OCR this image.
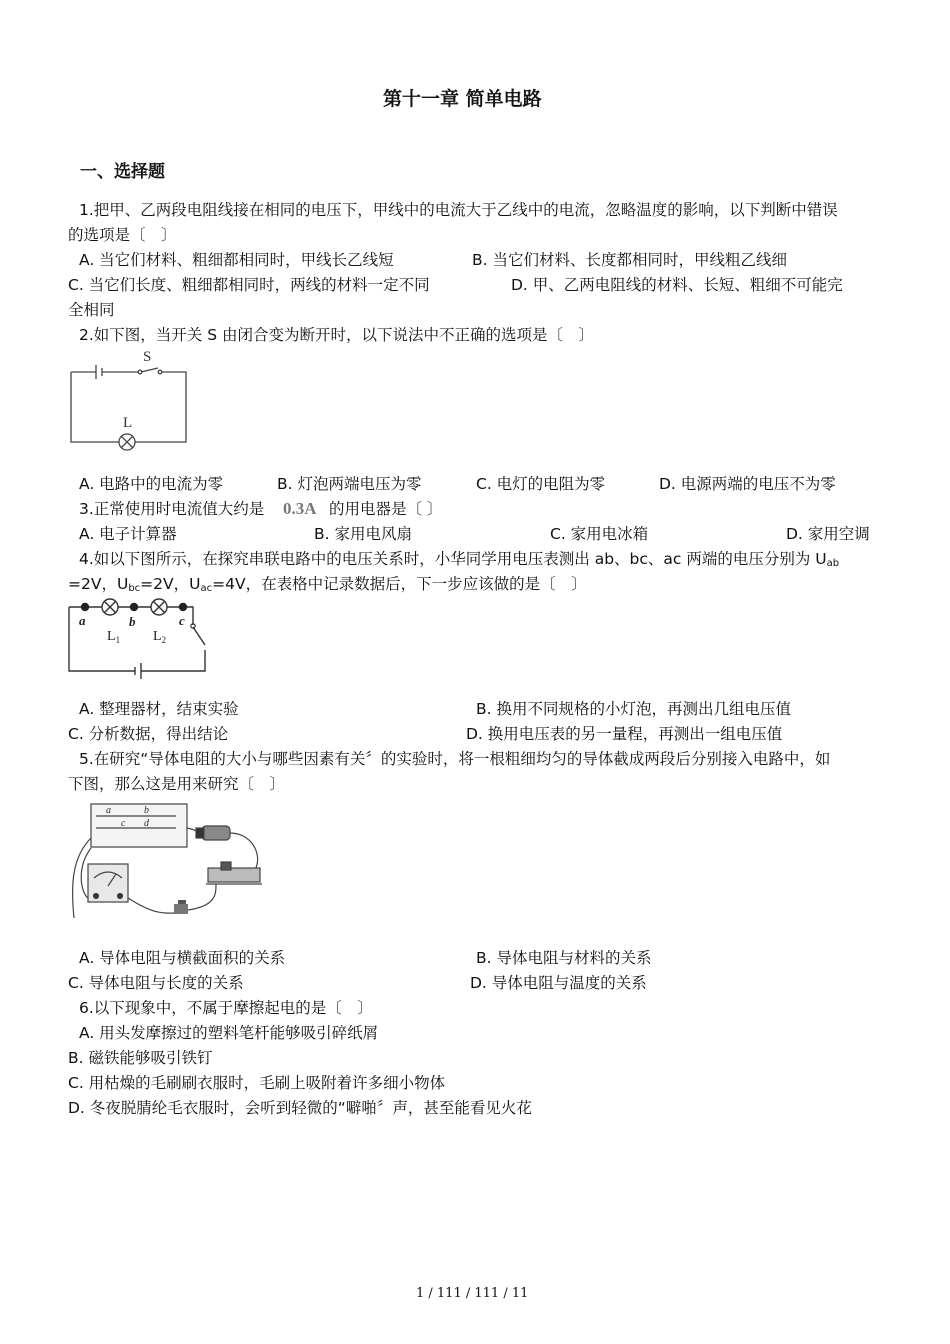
第十一章 简单电路
一、选择题
1.把甲、乙两段电阻线接在相同的电压下，甲线中的电流大于乙线中的电流，忽略温度的影响，以下判断中错误
的选项是〔　〕
A. 当它们材料、粗细都相同时，甲线长乙线短	B. 当它们材料、长度都相同时，甲线粗乙线细
C. 当它们长度、粗细都相同时，两线的材料一定不同	D. 甲、乙两电阻线的材料、长短、粗细不可能完
全相同
2.如下图，当开关 S 由闭合变为断开时，以下说法中不正确的选项是〔　〕
S
L
A. 电路中的电流为零	B. 灯泡两端电压为零	C. 电灯的电阻为零	D. 电源两端的电压不为零
3.正常使用时电流值大约是 0.3A 的用电器是〔 〕
A. 电子计算器	B. 家用电风扇	C. 家用电冰箱	D. 家用空调
4.如以下图所示，在探究串联电路中的电压关系时，小华同学用电压表测出 ab、bc、ac 两端的电压分别为 $U_{ab}$
=2V，$U_{bc}=2V$，$U_{ac}=4V$，在表格中记录数据后，下一步应该做的是〔　〕
a	b	c
$L_1$ $L_2$
A. 整理器材，结束实验	B. 换用不同规格的小灯泡，再测出几组电压值
C. 分析数据，得出结论	D. 换用电压表的另一量程，再测出一组电压值
5.在研究“导体电阻的大小与哪些因素有关〞的实验时，将一根粗细均匀的导体截成两段后分别接入电路中，如
下图，那么这是用来研究〔　〕
a	b
c d
A. 导体电阻与横截面积的关系	B. 导体电阻与材料的关系
C. 导体电阻与长度的关系	D. 导体电阻与温度的关系
6.以下现象中，不属于摩擦起电的是〔　〕
A. 用头发摩擦过的塑料笔杆能够吸引碎纸屑
B. 磁铁能够吸引铁钉
C. 用枯燥的毛刷刷衣服时，毛刷上吸附着许多细小物体
D. 冬夜脱腈纶毛衣服时，会听到轻微的“噼啪〞声，甚至能看见火花
1 / 111 / 111 / 11
